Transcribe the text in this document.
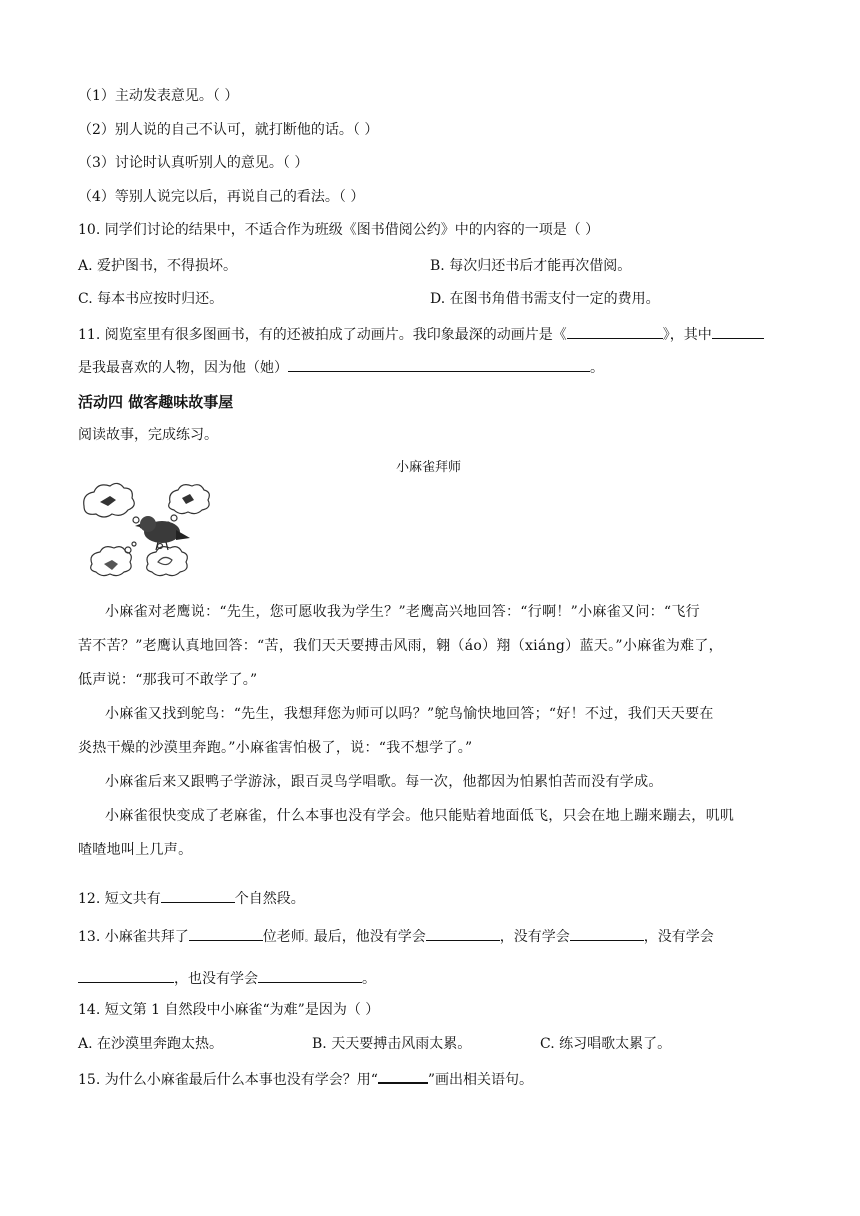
（1）主动发表意见。（ ）
（2）别人说的自己不认可，就打断他的话。（ ）
（3）讨论时认真听别人的意见。（ ）
（4）等别人说完以后，再说自己的看法。（ ）
10. 同学们讨论的结果中，不适合作为班级《图书借阅公约》中的内容的一项是（ ）
A. 爱护图书，不得损坏。	B. 每次归还书后才能再次借阅。
C. 每本书应按时归还。	D. 在图书角借书需支付一定的费用。
11. 阅览室里有很多图画书，有的还被拍成了动画片。我印象最深的动画片是《	》，其中
是我最喜欢的人物，因为他（她）	。
活动四 做客趣味故事屋
阅读故事，完成练习。
小麻雀拜师
小麻雀对老鹰说：“先生，您可愿收我为学生？”老鹰高兴地回答：“行啊！”小麻雀又问：“飞行
苦不苦？”老鹰认真地回答：“苦，我们天天要搏击风雨，翱（áo）翔（xiáng）蓝天。”小麻雀为难了，
低声说：“那我可不敢学了。”
小麻雀又找到鸵鸟：“先生，我想拜您为师可以吗？”鸵鸟愉快地回答；“好！不过，我们天天要在
炎热干燥的沙漠里奔跑。”小麻雀害怕极了，说：“我不想学了。”
小麻雀后来又跟鸭子学游泳，跟百灵鸟学唱歌。每一次，他都因为怕累怕苦而没有学成。
小麻雀很快变成了老麻雀，什么本事也没有学会。他只能贴着地面低飞，只会在地上蹦来蹦去，叽叽
喳喳地叫上几声。
12. 短文共有	个自然段。
13. 小麻雀共拜了	位老师。最后，他没有学会	，没有学会	，没有学会
，也没有学会	。
14. 短文第 1 自然段中小麻雀“为难”是因为（ ）
A. 在沙漠里奔跑太热。	B. 天天要搏击风雨太累。	C. 练习唱歌太累了。
15. 为什么小麻雀最后什么本事也没有学会？用“	”画出相关语句。
